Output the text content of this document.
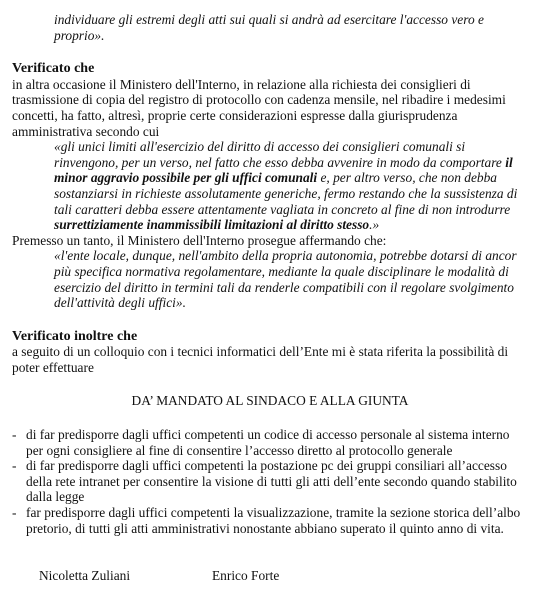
individuare gli estremi degli atti sui quali si andrà ad esercitare l'accesso vero e
proprio».
Verificato che

in altra occasione il Ministero dell'Interno, in relazione alla richiesta dei consiglieri di trasmissione di copia del registro di protocollo con cadenza mensile, nel ribadire i medesimi concetti, ha fatto, altresì, proprie certe considerazioni espresse dalla giurisprudenza amministrativa secondo cui

«gli unici limiti all'esercizio del diritto di accesso dei consiglieri comunali si rinvengono, per un verso, nel fatto che esso debba avvenire in modo da comportare il minor aggravio possibile per gli uffici comunali e, per altro verso, che non debba sostanziarsi in richieste assolutamente generiche, fermo restando che la sussistenza di tali caratteri debba essere attentamente vagliata in concreto al fine di non introdurre surrettiziamente inammissibili limitazioni al diritto stesso.»

Premesso un tanto, il Ministero dell'Interno prosegue affermando che:

«l'ente locale, dunque, nell'ambito della propria autonomia, potrebbe dotarsi di ancor più specifica normativa regolamentare, mediante la quale disciplinare le modalità di esercizio del diritto in termini tali da renderle compatibili con il regolare svolgimento dell'attività degli uffici».
Verificato inoltre che

a seguito di un colloquio con i tecnici informatici dell’Ente mi è stata riferita la possibilità di poter effettuare

DA’ MANDATO AL SINDACO E ALLA GIUNTA

- di far predisporre dagli uffici competenti un codice di accesso personale al sistema interno per ogni consigliere al fine di consentire l’accesso diretto al protocollo generale
- di far predisporre dagli uffici competenti la postazione pc dei gruppi consiliari all’accesso della rete intranet per consentire la visione di tutti gli atti dell’ente secondo quando stabilito dalla legge
- far predisporre dagli uffici competenti la visualizzazione, tramite la sezione storica dell’albo pretorio, di tutti gli atti amministrativi nonostante abbiano superato il quinto anno di vita.
Nicoletta Zuliani	Enrico Forte
